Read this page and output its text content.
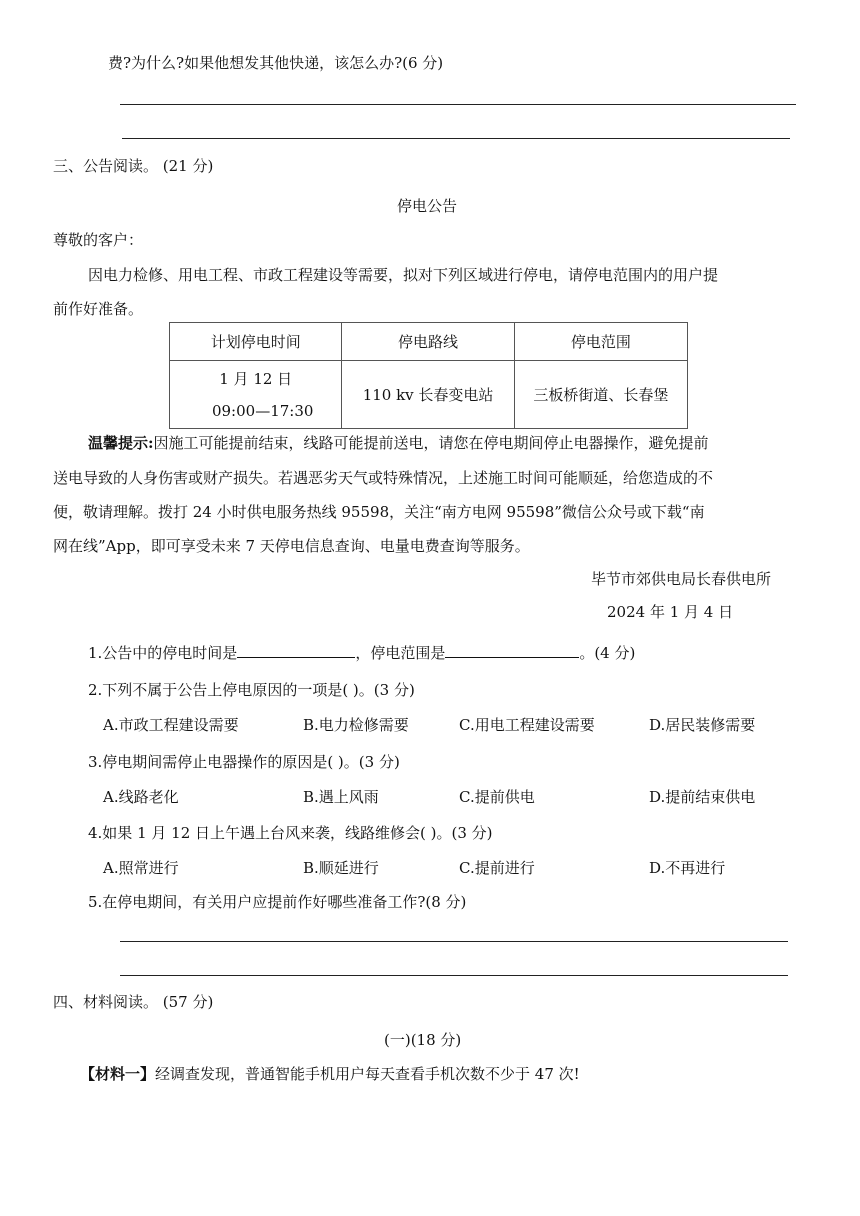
费?为什么?如果他想发其他快递，该怎么办?(6 分)
三、公告阅读。 (21 分)
停电公告
尊敬的客户：
因电力检修、用电工程、市政工程建设等需要，拟对下列区域进行停电，请停电范围内的用户提
前作好准备。
计划停电时间	停电路线	停电范围

1 月 12 日
09:00—17:30	110 kv 长春变电站	三板桥街道、长春堡
温馨提示:因施工可能提前结束，线路可能提前送电，请您在停电期间停止电器操作，避免提前
送电导致的人身伤害或财产损失。若遇恶劣天气或特殊情况，上述施工时间可能顺延，给您造成的不
便，敬请理解。拨打 24 小时供电服务热线 95598，关注“南方电网 95598”微信公众号或下载“南
网在线”App，即可享受未来 7 天停电信息查询、电量电费查询等服务。
毕节市郊供电局长春供电所
2024 年 1 月 4 日
1.公告中的停电时间是	，停电范围是	。(4 分)
2.下列不属于公告上停电原因的一项是( )。(3 分)
A.市政工程建设需要	B.电力检修需要	C.用电工程建设需要	D.居民装修需要
3.停电期间需停止电器操作的原因是( )。(3 分)
A.线路老化	B.遇上风雨	C.提前供电	D.提前结束供电
4.如果 1 月 12 日上午遇上台风来袭，线路维修会( )。(3 分)
A.照常进行	B.顺延进行	C.提前进行	D.不再进行
5.在停电期间，有关用户应提前作好哪些准备工作?(8 分)
四、材料阅读。 (57 分)
(一)(18 分)
【材料一】经调查发现，普通智能手机用户每天查看手机次数不少于 47 次!
